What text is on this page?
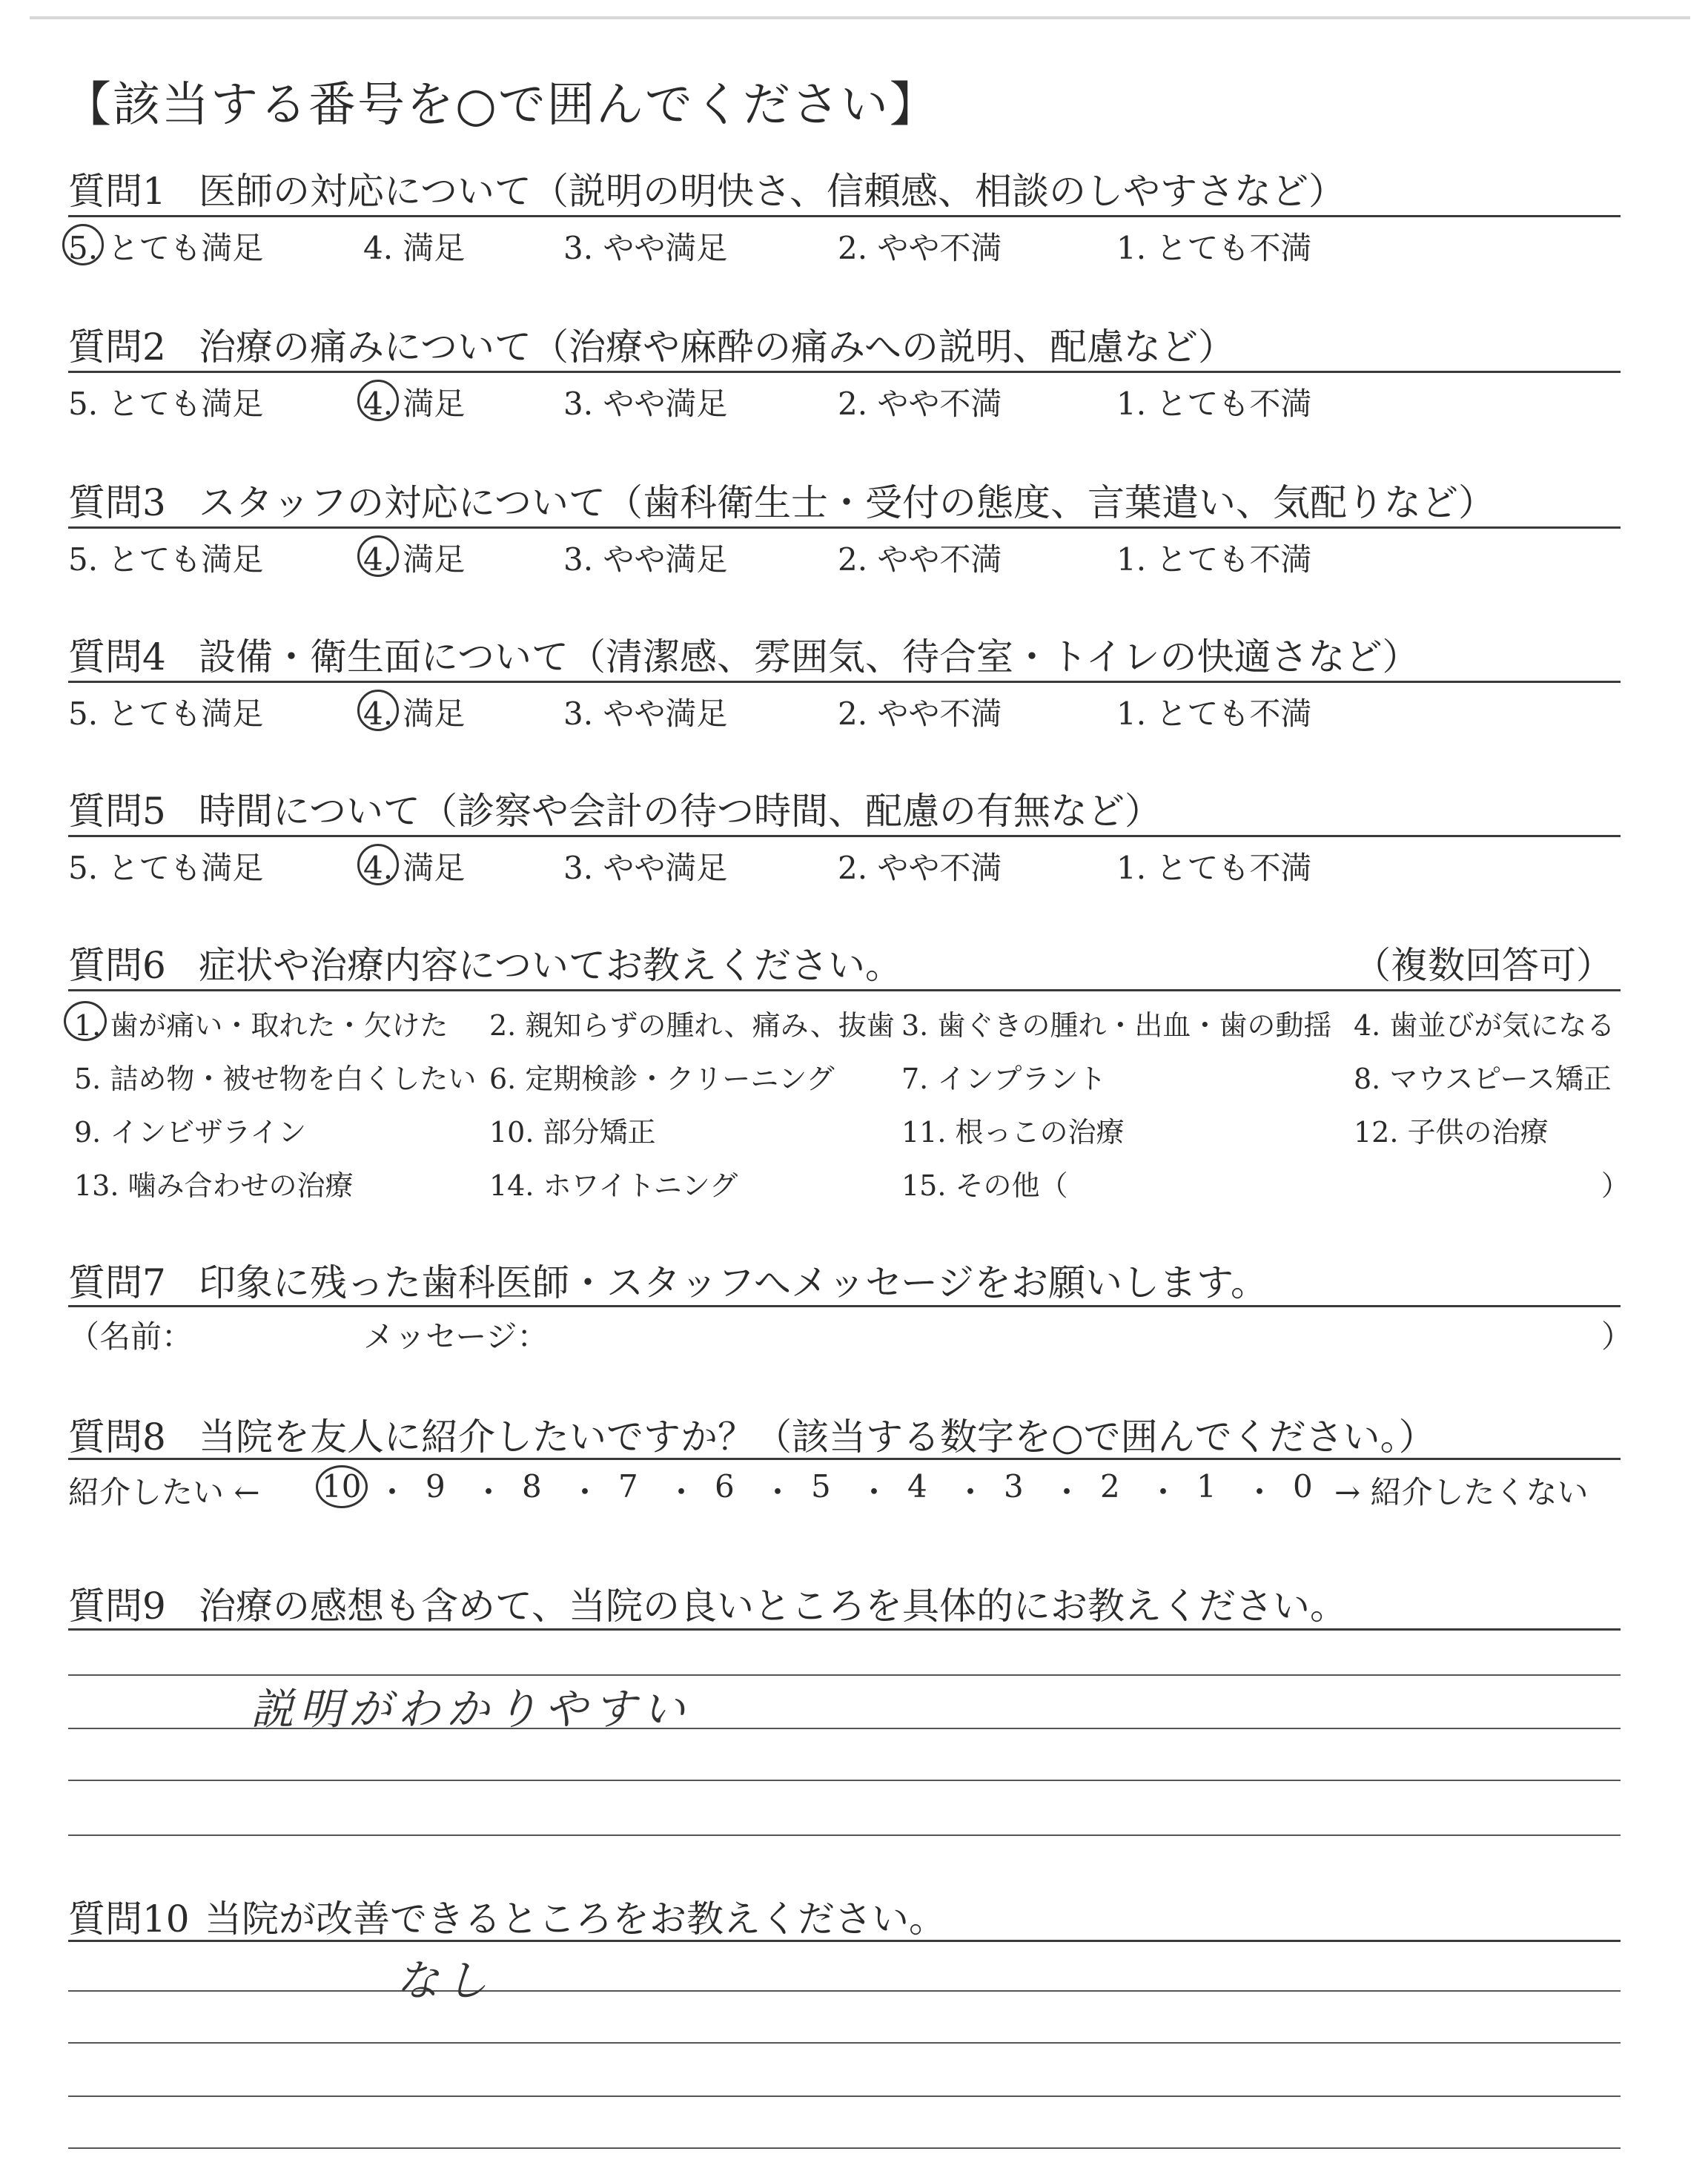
【該当する番号を○で囲んでください】
質問1 医師の対応について（説明の明快さ、信頼感、相談のしやすさなど）
5. とても満足	4. 満足	3. やや満足	2. やや不満	1. とても不満
質問2 治療の痛みについて（治療や麻酔の痛みへの説明、配慮など）
5. とても満足	4. 満足	3. やや満足	2. やや不満	1. とても不満
質問3 スタッフの対応について（歯科衛生士・受付の態度、言葉遣い、気配りなど）
5. とても満足	4. 満足	3. やや満足	2. やや不満	1. とても不満
質問4 設備・衛生面について（清潔感、雰囲気、待合室・トイレの快適さなど）
5. とても満足	4. 満足	3. やや満足	2. やや不満	1. とても不満
質問5 時間について（診察や会計の待つ時間、配慮の有無など）
5. とても満足	4. 満足	3. やや満足	2. やや不満	1. とても不満
質問6 症状や治療内容についてお教えください。	（複数回答可）
1. 歯が痛い・取れた・欠けた 2. 親知らずの腫れ、痛み、抜歯 3. 歯ぐきの腫れ・出血・歯の動揺 4. 歯並びが気になる
5. 詰め物・被せ物を白くしたい 6. 定期検診・クリーニング 7. インプラント	8. マウスピース矯正
9. インビザライン	10. 部分矯正	11. 根っこの治療	12. 子供の治療
13. 噛み合わせの治療	14. ホワイトニング	15. その他（	）
質問7 印象に残った歯科医師・スタッフへメッセージをお願いします。
（名前：	メッセージ：	）
質問8 当院を友人に紹介したいですか？（該当する数字を○で囲んでください。）
紹介したい ← 10 ・ 9 ・ 8 ・ 7 ・ 6 ・ 5 ・ 4 ・ 3 ・ 2 ・ 1 ・ 0 → 紹介したくない
質問9 治療の感想も含めて、当院の良いところを具体的にお教えください。
説明がわかりやすい
質問10 当院が改善できるところをお教えください。
なし
